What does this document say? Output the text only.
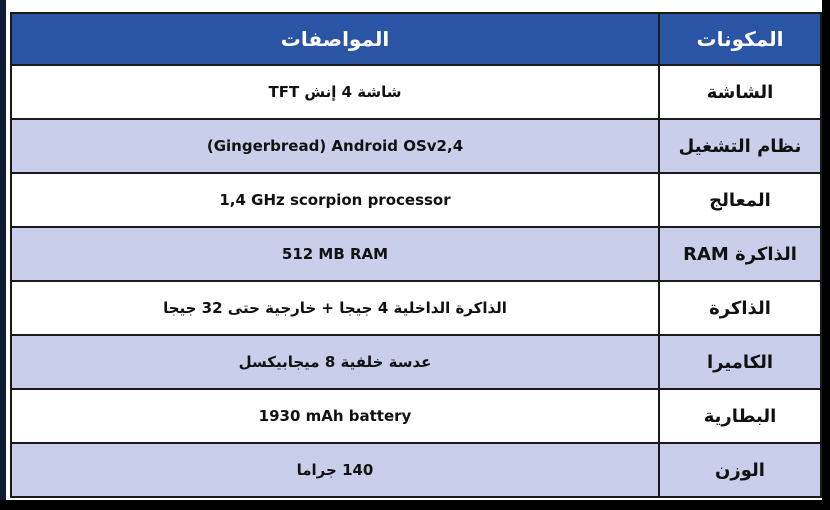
المكونات	المواصفات
الشاشة	شاشة 4 إنش TFT
نظام التشغيل	(Gingerbread) Android OSv2,4
المعالج	1,4 GHz scorpion processor
الذاكرة RAM	512 MB RAM
الذاكرة	الذاكرة الداخلية 4 جيجا + خارجية حتى 32 جيجا
الكاميرا	عدسة خلفية 8 ميجابيكسل
البطارية	1930 mAh battery
الوزن	140 جراما
